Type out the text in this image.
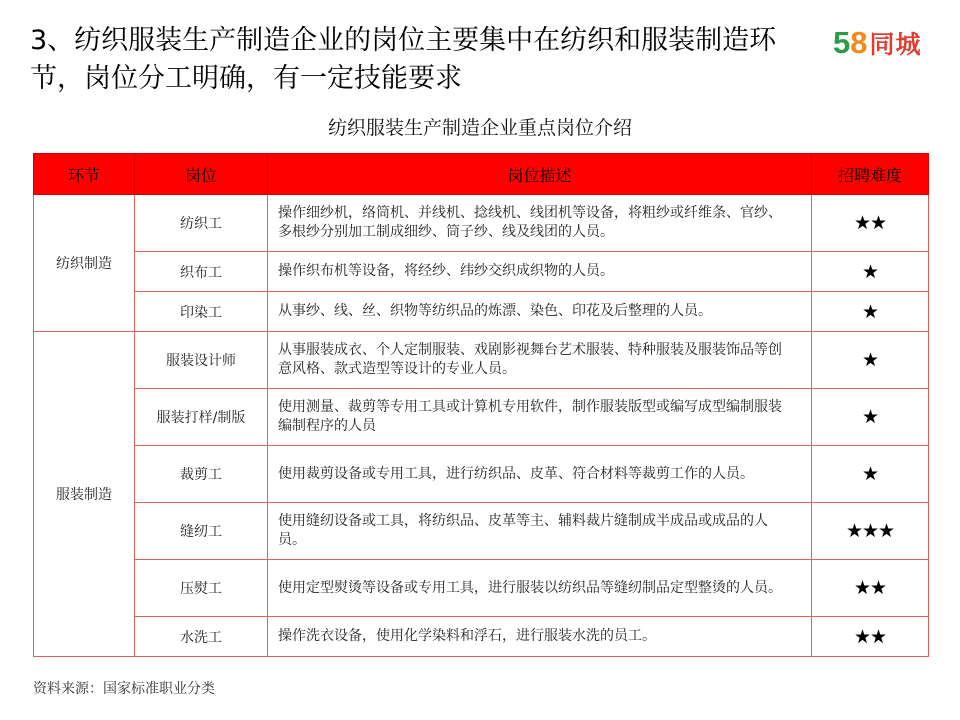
3、纺织服装生产制造企业的岗位主要集中在纺织和服装制造环节，岗位分工明确，有一定技能要求
5 8 同城
纺织服装生产制造企业重点岗位介绍
环节	岗位	岗位描述	招聘难度
纺织制造	纺织工	操作细纱机，络筒机、并线机、捻线机、线团机等设备，将粗纱或纤维条、官纱、多根纱分别加工制成细纱、筒子纱、线及线团的人员。	★★
	织布工	操作织布机等设备，将经纱、纬纱交织成织物的人员。	★
	印染工	从事纱、线、丝、织物等纺织品的炼漂、染色、印花及后整理的人员。	★
服装制造	服装设计师	从事服装成衣、个人定制服装、戏剧影视舞台艺术服装、特种服装及服装饰品等创意风格、款式造型等设计的专业人员。	★
	服装打样/制版	使用测量、裁剪等专用工具或计算机专用软件，制作服装版型或编写成型编制服装编制程序的人员	★
	裁剪工	使用裁剪设备或专用工具，进行纺织品、皮革、符合材料等裁剪工作的人员。	★
	缝纫工	使用缝纫设备或工具，将纺织品、皮革等主、辅料裁片缝制成半成品或成品的人员。	★★★
	压熨工	使用定型熨烫等设备或专用工具，进行服装以纺织品等缝纫制品定型整烫的人员。	★★
	水洗工	操作洗衣设备，使用化学染料和浮石，进行服装水洗的员工。	★★
资料来源：国家标准职业分类
